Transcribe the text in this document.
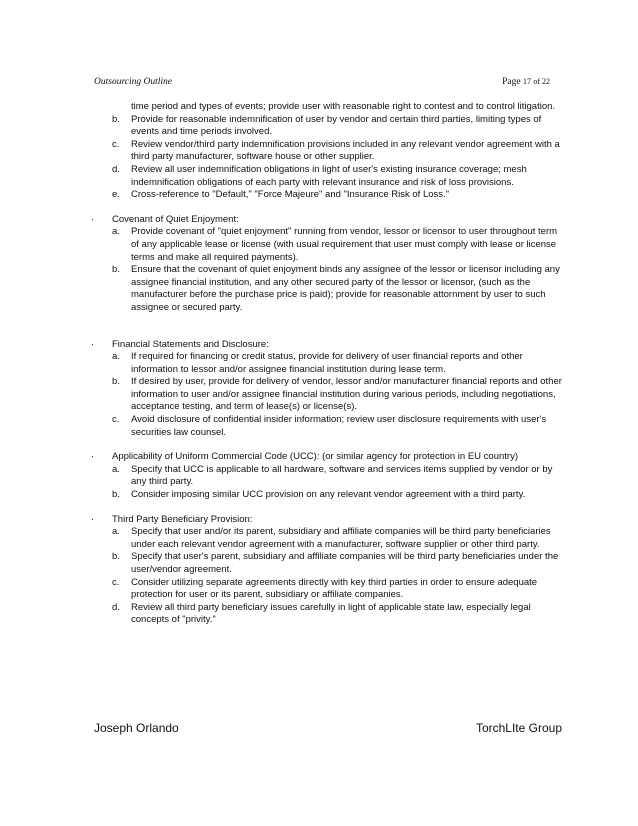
Outsourcing Outline	Page 17 of 22

time period and types of events; provide user with reasonable right to contest and to control litigation.

b. Provide for reasonable indemnification of user by vendor and certain third parties, limiting types of events and time periods involved.
c. Review vendor/third party indemnification provisions included in any relevant vendor agreement with a third party manufacturer, software house or other supplier.
d. Review all user indemnification obligations in light of user's existing insurance coverage; mesh indemnification obligations of each party with relevant insurance and risk of loss provisions.
e. Cross-reference to "Default," "Force Majeure" and "Insurance Risk of Loss."
· Covenant of Quiet Enjoyment:

a. Provide covenant of "quiet enjoyment" running from vendor, lessor or licensor to user throughout term of any applicable lease or license (with usual requirement that user must comply with lease or license terms and make all required payments).
b. Ensure that the covenant of quiet enjoyment binds any assignee of the lessor or licensor including any assignee financial institution, and any other secured party of the lessor or licensor, (such as the manufacturer before the purchase price is paid); provide for reasonable attornment by user to such assignee or secured party.
· Financial Statements and Disclosure:

a. If required for financing or credit status, provide for delivery of user financial reports and other information to lessor and/or assignee financial institution during lease term.
b. If desired by user, provide for delivery of vendor, lessor and/or manufacturer financial reports and other information to user and/or assignee financial institution during various periods, including negotiations, acceptance testing, and term of lease(s) or license(s).
c. Avoid disclosure of confidential insider information; review user disclosure requirements with user's securities law counsel.
· Applicability of Uniform Commercial Code (UCC): (or similar agency for protection in EU country)

a. Specify that UCC is applicable to all hardware, software and services items supplied by vendor or by any third party.
b. Consider imposing similar UCC provision on any relevant vendor agreement with a third party.
· Third Party Beneficiary Provision:

a. Specify that user and/or its parent, subsidiary and affiliate companies will be third party beneficiaries under each relevant vendor agreement with a manufacturer, software supplier or other third party.
b. Specify that user's parent, subsidiary and affiliate companies will be third party beneficiaries under the user/vendor agreement.
c. Consider utilizing separate agreements directly with key third parties in order to ensure adequate protection for user or its parent, subsidiary or affiliate companies.
d. Review all third party beneficiary issues carefully in light of applicable state law, especially legal concepts of "privity."
Joseph Orlando	TorchLIte Group
